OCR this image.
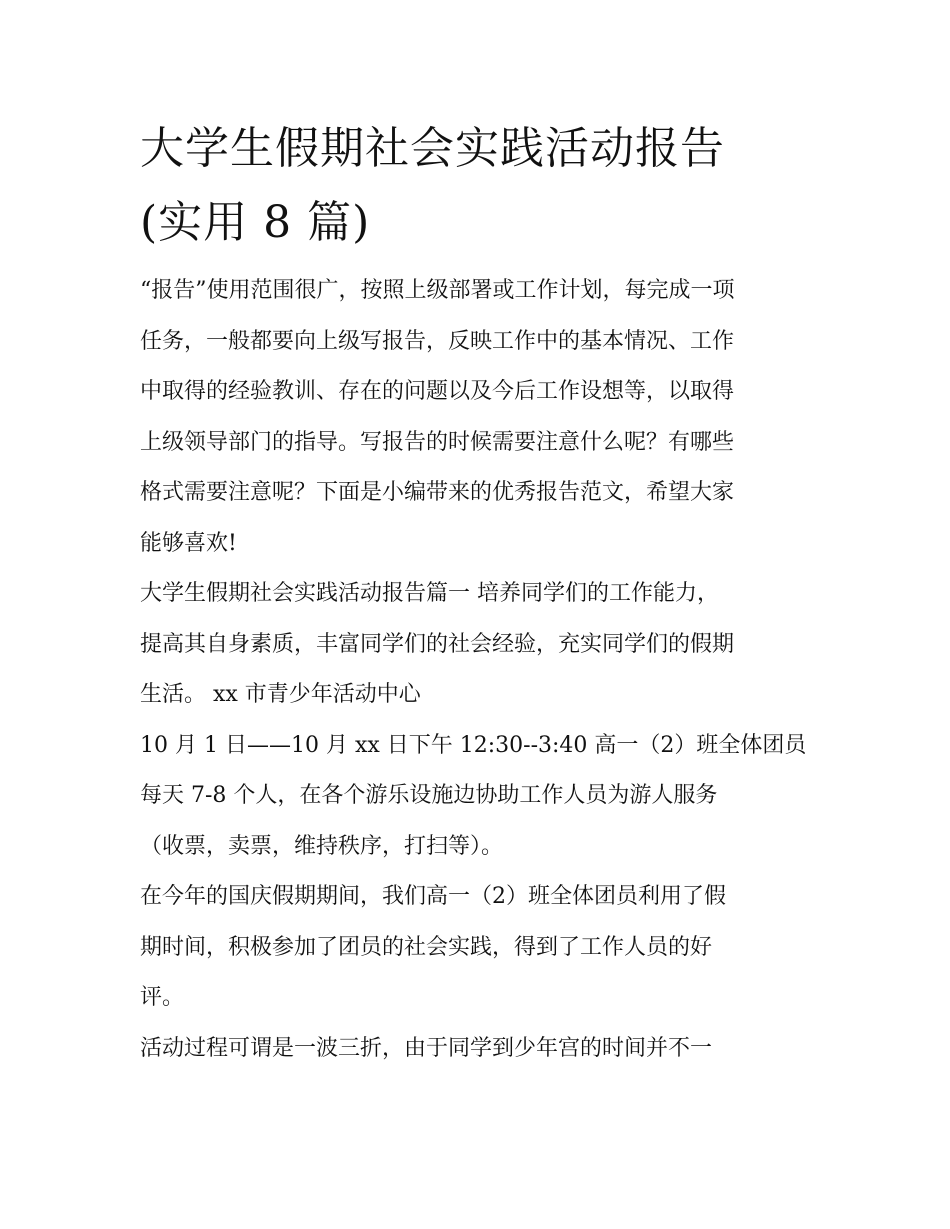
大学生假期社会实践活动报告
(实用 8 篇)

“报告”使用范围很广，按照上级部署或工作计划，每完成一项
任务，一般都要向上级写报告，反映工作中的基本情况、工作
中取得的经验教训、存在的问题以及今后工作设想等，以取得
上级领导部门的指导。写报告的时候需要注意什么呢？有哪些
格式需要注意呢？下面是小编带来的优秀报告范文，希望大家
能够喜欢!

大学生假期社会实践活动报告篇一 培养同学们的工作能力，
提高其自身素质，丰富同学们的社会经验，充实同学们的假期
生活。 xx 市青少年活动中心

10 月 1 日——10 月 xx 日下午 12:30--3:40 高一（2）班全体团员
每天 7-8 个人，在各个游乐设施边协助工作人员为游人服务
（收票，卖票，维持秩序，打扫等）。

在今年的国庆假期期间，我们高一（2）班全体团员利用了假
期时间，积极参加了团员的社会实践，得到了工作人员的好
评。

活动过程可谓是一波三折，由于同学到少年宫的时间并不一
